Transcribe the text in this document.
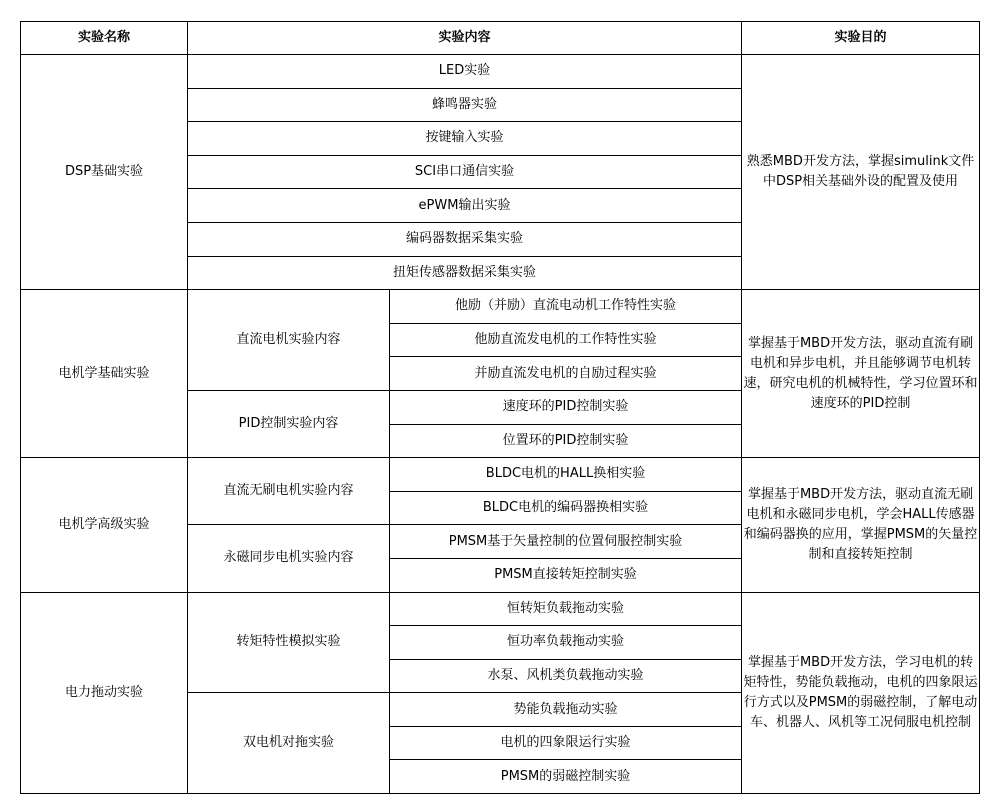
实验名称	实验内容		实验目的
DSP基础实验	LED实验		熟悉MBD开发方法，掌握simulink文件中DSP相关基础外设的配置及使用
	蜂鸣器实验		
	按键输入实验		
	SCI串口通信实验		
	ePWM输出实验		
	编码器数据采集实验		
	扭矩传感器数据采集实验		
电机学基础实验	直流电机实验内容	他励（并励）直流电动机工作特性实验	掌握基于MBD开发方法，驱动直流有刷电机和异步电机，并且能够调节电机转速，研究电机的机械特性，学习位置环和速度环的PID控制
		他励直流发电机的工作特性实验	
		并励直流发电机的自励过程实验	
	PID控制实验内容	速度环的PID控制实验	
		位置环的PID控制实验	
电机学高级实验	直流无刷电机实验内容	BLDC电机的HALL换相实验	掌握基于MBD开发方法，驱动直流无刷电机和永磁同步电机，学会HALL传感器和编码器换的应用，掌握PMSM的矢量控制和直接转矩控制
		BLDC电机的编码器换相实验	
	永磁同步电机实验内容	PMSM基于矢量控制的位置伺服控制实验	
		PMSM直接转矩控制实验	
电力拖动实验	转矩特性模拟实验	恒转矩负载拖动实验	掌握基于MBD开发方法，学习电机的转矩特性，势能负载拖动，电机的四象限运行方式以及PMSM的弱磁控制，了解电动车、机器人、风机等工况伺服电机控制
		恒功率负载拖动实验	
		水泵、风机类负载拖动实验	
	双电机对拖实验	势能负载拖动实验	
		电机的四象限运行实验	
		PMSM的弱磁控制实验	
